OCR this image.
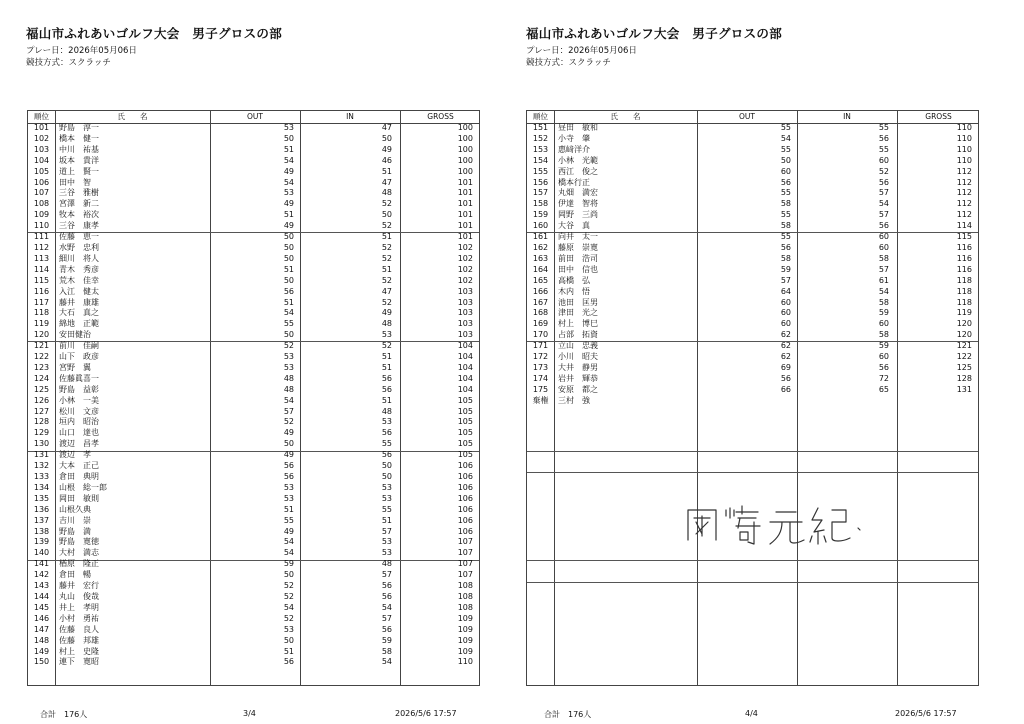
福山市ふれあいゴルフ大会　男子グロスの部
プレー日：2026年05月06日
競技方式：スクラッチ
順位	氏　　名	OUT	IN	GROSS
101	野島　淳一	53	47	100
102	橋本　健一	50	50	100
103	中川　祐基	51	49	100
104	坂本　貴洋	54	46	100
105	道上　賢一	49	51	100
106	田中　智	54	47	101
107	三谷　雅樹	53	48	101
108	宮澤　新二	49	52	101
109	牧本　裕次	51	50	101
110	三谷　康孝	49	52	101
111	佐藤　恵一	50	51	101
112	水野　忠利	50	52	102
113	細川　将人	50	52	102
114	青木　秀彦	51	51	102
115	荒木　佳幸	50	52	102
116	入江　健太	56	47	103
117	藤井　康雄	51	52	103
118	大石　真之	54	49	103
119	綿地　正範	55	48	103
120	安田健治	50	53	103
121	前川　佳嗣	52	52	104
122	山下　政彦	53	51	104
123	宮野　翼	53	51	104
124	佐藤眞喜一	48	56	104
125	野島　益彰	48	56	104
126	小林　一美	54	51	105
127	松川　文彦	57	48	105
128	垣内　昭治	52	53	105
129	山口　達也	49	56	105
130	渡辺　昌孝	50	55	105
131	渡辺　孝	49	56	105
132	大本　正己	56	50	106
133	倉田　典明	56	50	106
134	山根　総一郎	53	53	106
135	岡田　敏則	53	53	106
136	山根久典	51	55	106
137	吉川　崇	55	51	106
138	野島　満	49	57	106
139	野島　寛徳	54	53	107
140	大村　満志	54	53	107
141	楢原　隆正	59	48	107
142	倉田　暢	50	57	107
143	藤井　宏行	52	56	108
144	丸山　俊哉	52	56	108
145	井上　孝明	54	54	108
146	小村　勇祐	52	57	109
147	佐藤　良人	53	56	109
148	佐藤　邦雄	50	59	109
149	村上　史隆	51	58	109
150	連下　寛昭	56	54	110
合計　176人	3/4	2026/5/6 17:57
福山市ふれあいゴルフ大会　男子グロスの部
プレー日：2026年05月06日
競技方式：スクラッチ
順位	氏　　名	OUT	IN	GROSS
151	昼田　敏和	55	55	110
152	小寺　肇	54	56	110
153	惠﨑洋介	55	55	110
154	小林　光範	50	60	110
155	西江　俊之	60	52	112
156	橋本行正	56	56	112
157	丸畑　満宏	55	57	112
158	伊達　智将	58	54	112
159	岡野　三尚	55	57	112
160	大谷　真	58	56	114
161	向井　太一	55	60	115
162	藤原　崇寛	56	60	116
163	前田　浩司	58	58	116
164	田中　信也	59	57	116
165	高橋　弘	57	61	118
166	木内　悟	64	54	118
167	池田　匡男	60	58	118
168	津田　光之	60	59	119
169	村上　博巳	60	60	120
170	占部　拓資	62	58	120
171	立山　忠義	62	59	121
172	小川　昭夫	62	60	122
173	大井　静男	69	56	125
174	岩井　輝恭	56	72	128
175	安原　都之	66	65	131
棄権	三村　強
合計　176人	4/4	2026/5/6 17:57
